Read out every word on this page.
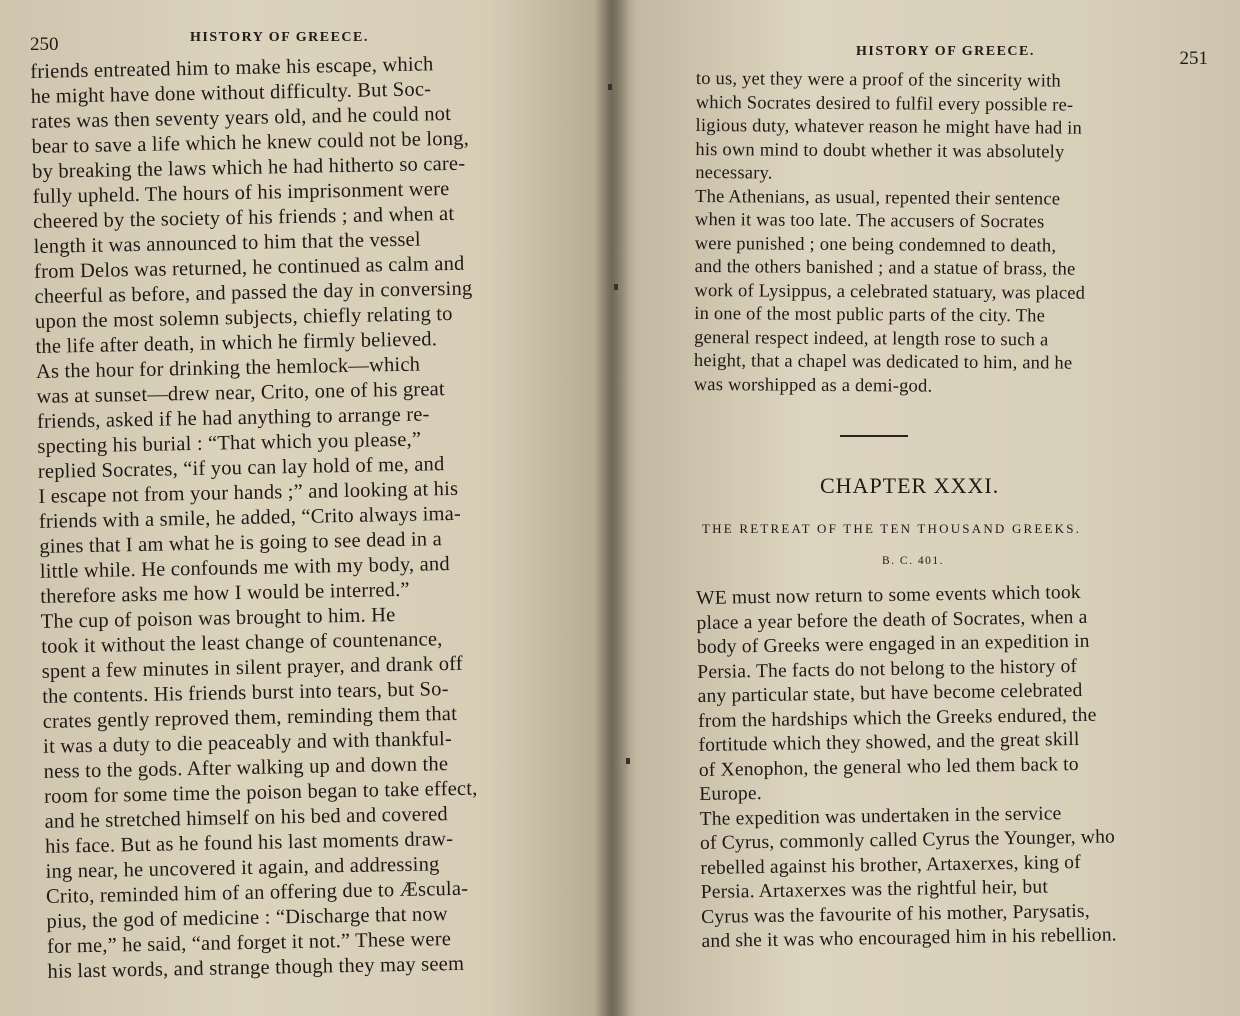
250	HISTORY OF GREECE.
friends entreated him to make his escape, which
he might have done without difficulty. But Soc-
rates was then seventy years old, and he could not
bear to save a life which he knew could not be long,
by breaking the laws which he had hitherto so care-
fully upheld. The hours of his imprisonment were
cheered by the society of his friends ; and when at
length it was announced to him that the vessel
from Delos was returned, he continued as calm and
cheerful as before, and passed the day in conversing
upon the most solemn subjects, chiefly relating to
the life after death, in which he firmly believed.
As the hour for drinking the hemlock—which
was at sunset—drew near, Crito, one of his great
friends, asked if he had anything to arrange re-
specting his burial : “That which you please,”
replied Socrates, “if you can lay hold of me, and
I escape not from your hands ;” and looking at his
friends with a smile, he added, “Crito always ima-
gines that I am what he is going to see dead in a
little while. He confounds me with my body, and
therefore asks me how I would be interred.”
The cup of poison was brought to him. He
took it without the least change of countenance,
spent a few minutes in silent prayer, and drank off
the contents. His friends burst into tears, but So-
crates gently reproved them, reminding them that
it was a duty to die peaceably and with thankful-
ness to the gods. After walking up and down the
room for some time the poison began to take effect,
and he stretched himself on his bed and covered
his face. But as he found his last moments draw-
ing near, he uncovered it again, and addressing
Crito, reminded him of an offering due to Æscula-
pius, the god of medicine : “Discharge that now
for me,” he said, “and forget it not.” These were
his last words, and strange though they may seem
HISTORY OF GREECE.	251
to us, yet they were a proof of the sincerity with
which Socrates desired to fulfil every possible re-
ligious duty, whatever reason he might have had in
his own mind to doubt whether it was absolutely
necessary.
The Athenians, as usual, repented their sentence
when it was too late. The accusers of Socrates
were punished ; one being condemned to death,
and the others banished ; and a statue of brass, the
work of Lysippus, a celebrated statuary, was placed
in one of the most public parts of the city. The
general respect indeed, at length rose to such a
height, that a chapel was dedicated to him, and he
was worshipped as a demi-god.
CHAPTER XXXI.
THE RETREAT OF THE TEN THOUSAND GREEKS.
B. C. 401.
WE must now return to some events which took
place a year before the death of Socrates, when a
body of Greeks were engaged in an expedition in
Persia. The facts do not belong to the history of
any particular state, but have become celebrated
from the hardships which the Greeks endured, the
fortitude which they showed, and the great skill
of Xenophon, the general who led them back to
Europe.
The expedition was undertaken in the service
of Cyrus, commonly called Cyrus the Younger, who
rebelled against his brother, Artaxerxes, king of
Persia. Artaxerxes was the rightful heir, but
Cyrus was the favourite of his mother, Parysatis,
and she it was who encouraged him in his rebellion.
